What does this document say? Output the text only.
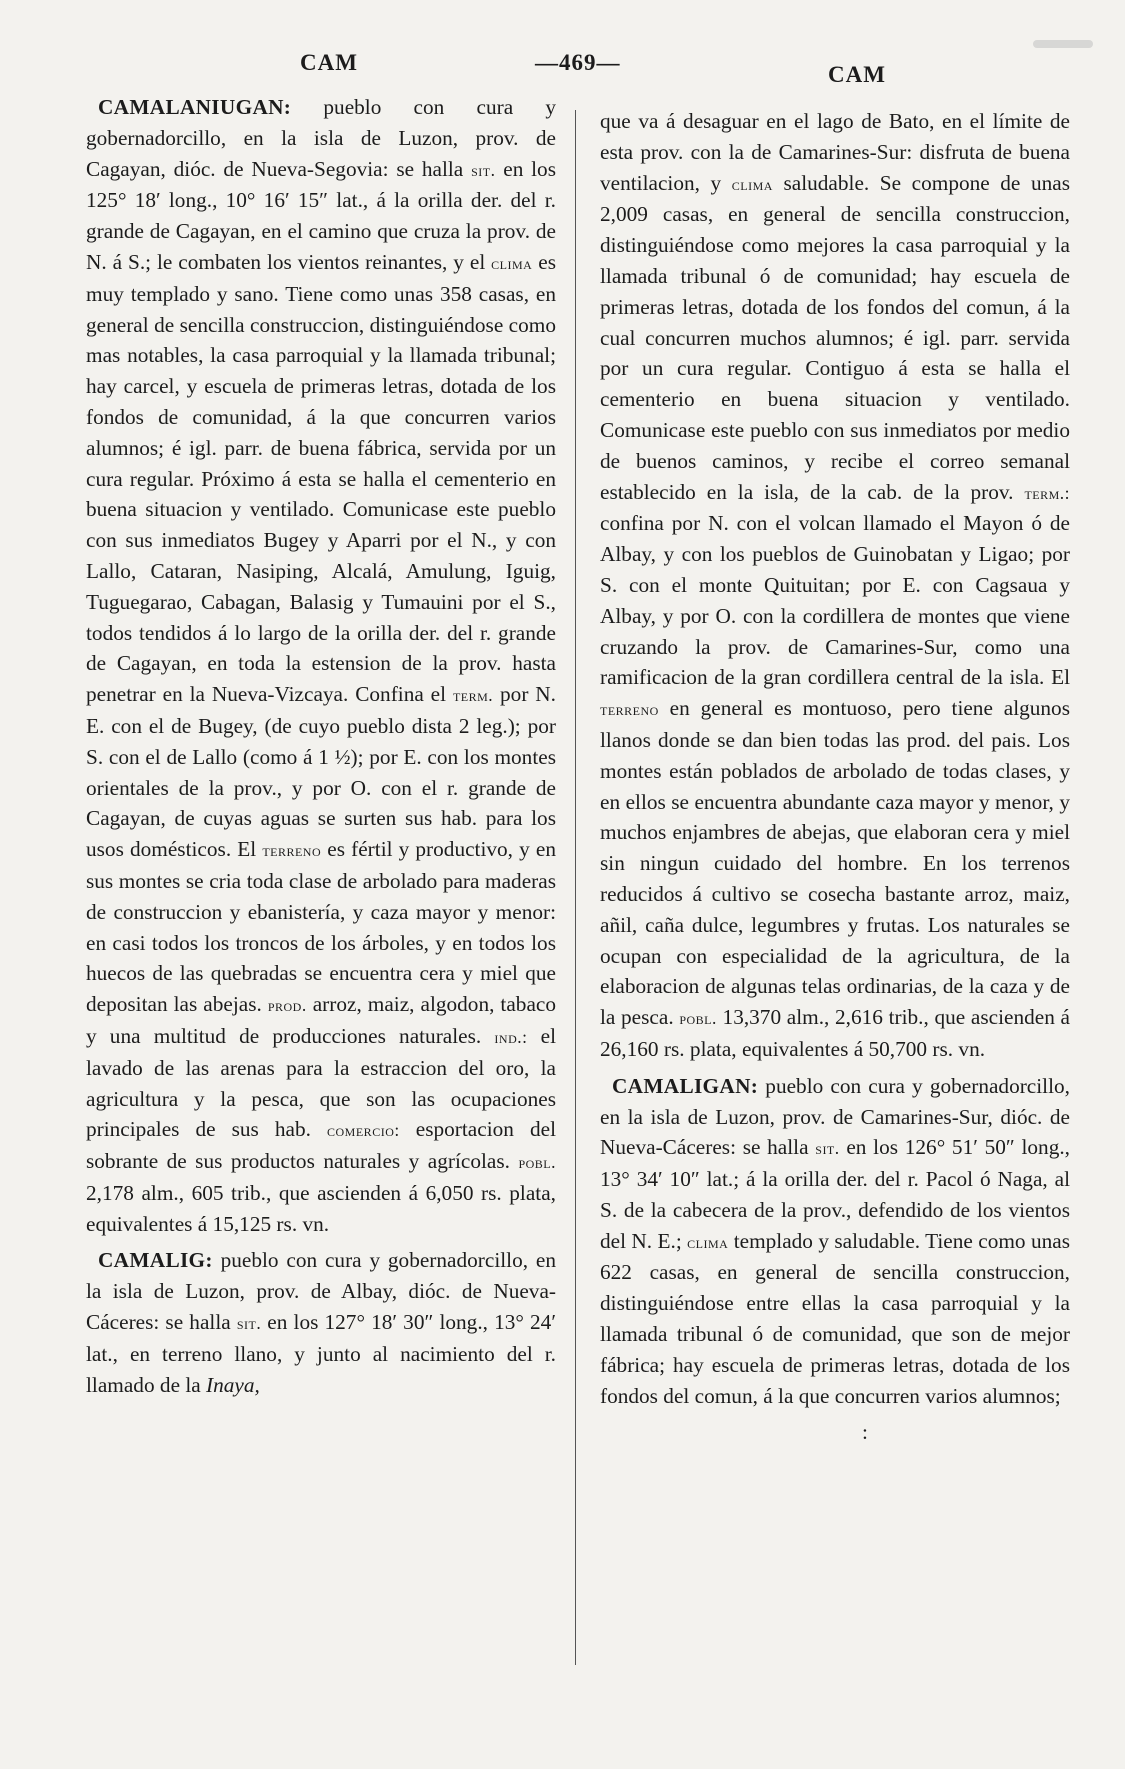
CAM	—469—	CAM

CAMALANIUGAN: pueblo con cura y gobernadorcillo, en la isla de Luzon, prov. de Cagayan, dióc. de Nueva-Segovia: se halla sit. en los 125° 18′ long., 10° 16′ 15″ lat., á la orilla der. del r. grande de Cagayan, en el camino que cruza la prov. de N. á S.; le combaten los vientos reinantes, y el clima es muy templado y sano. Tiene como unas 358 casas, en general de sencilla construccion, distinguiéndose como mas notables, la casa parroquial y la llamada tribunal; hay carcel, y escuela de primeras letras, dotada de los fondos de comunidad, á la que concurren varios alumnos; é igl. parr. de buena fábrica, servida por un cura regular. Próximo á esta se halla el cementerio en buena situacion y ventilado. Comunicase este pueblo con sus inmediatos Bugey y Aparri por el N., y con Lallo, Cataran, Nasiping, Alcalá, Amulung, Iguig, Tuguegarao, Cabagan, Balasig y Tumauini por el S., todos tendidos á lo largo de la orilla der. del r. grande de Cagayan, en toda la estension de la prov. hasta penetrar en la Nueva-Vizcaya. Confina el term. por N. E. con el de Bugey, (de cuyo pueblo dista 2 leg.); por S. con el de Lallo (como á 1 ½); por E. con los montes orientales de la prov., y por O. con el r. grande de Cagayan, de cuyas aguas se surten sus hab. para los usos domésticos. El terreno es fértil y productivo, y en sus montes se cria toda clase de arbolado para maderas de construccion y ebanistería, y caza mayor y menor: en casi todos los troncos de los árboles, y en todos los huecos de las quebradas se encuentra cera y miel que depositan las abejas. prod. arroz, maiz, algodon, tabaco y una multitud de producciones naturales. ind.: el lavado de las arenas para la estraccion del oro, la agricultura y la pesca, que son las ocupaciones principales de sus hab. comercio: esportacion del sobrante de sus productos naturales y agrícolas. pobl. 2,178 alm., 605 trib., que ascienden á 6,050 rs. plata, equivalentes á 15,125 rs. vn.

CAMALIG: pueblo con cura y gobernadorcillo, en la isla de Luzon, prov. de Albay, dióc. de Nueva-Cáceres: se halla sit. en los 127° 18′ 30″ long., 13° 24′ lat., en terreno llano, y junto al nacimiento del r. llamado de la Inaya,

que va á desaguar en el lago de Bato, en el límite de esta prov. con la de Camarines-Sur: disfruta de buena ventilacion, y clima saludable. Se compone de unas 2,009 casas, en general de sencilla construccion, distinguiéndose como mejores la casa parroquial y la llamada tribunal ó de comunidad; hay escuela de primeras letras, dotada de los fondos del comun, á la cual concurren muchos alumnos; é igl. parr. servida por un cura regular. Contiguo á esta se halla el cementerio en buena situacion y ventilado. Comunicase este pueblo con sus inmediatos por medio de buenos caminos, y recibe el correo semanal establecido en la isla, de la cab. de la prov. term.: confina por N. con el volcan llamado el Mayon ó de Albay, y con los pueblos de Guinobatan y Ligao; por S. con el monte Quituitan; por E. con Cagsaua y Albay, y por O. con la cordillera de montes que viene cruzando la prov. de Camarines-Sur, como una ramificacion de la gran cordillera central de la isla. El terreno en general es montuoso, pero tiene algunos llanos donde se dan bien todas las prod. del pais. Los montes están poblados de arbolado de todas clases, y en ellos se encuentra abundante caza mayor y menor, y muchos enjambres de abejas, que elaboran cera y miel sin ningun cuidado del hombre. En los terrenos reducidos á cultivo se cosecha bastante arroz, maiz, añil, caña dulce, legumbres y frutas. Los naturales se ocupan con especialidad de la agricultura, de la elaboracion de algunas telas ordinarias, de la caza y de la pesca. pobl. 13,370 alm., 2,616 trib., que ascienden á 26,160 rs. plata, equivalentes á 50,700 rs. vn.

CAMALIGAN: pueblo con cura y gobernadorcillo, en la isla de Luzon, prov. de Camarines-Sur, dióc. de Nueva-Cáceres: se halla sit. en los 126° 51′ 50″ long., 13° 34′ 10″ lat.; á la orilla der. del r. Pacol ó Naga, al S. de la cabecera de la prov., defendido de los vientos del N. E.; clima templado y saludable. Tiene como unas 622 casas, en general de sencilla construccion, distinguiéndose entre ellas la casa parroquial y la llamada tribunal ó de comunidad, que son de mejor fábrica; hay escuela de primeras letras, dotada de los fondos del comun, á la que concurren varios alumnos;

:
